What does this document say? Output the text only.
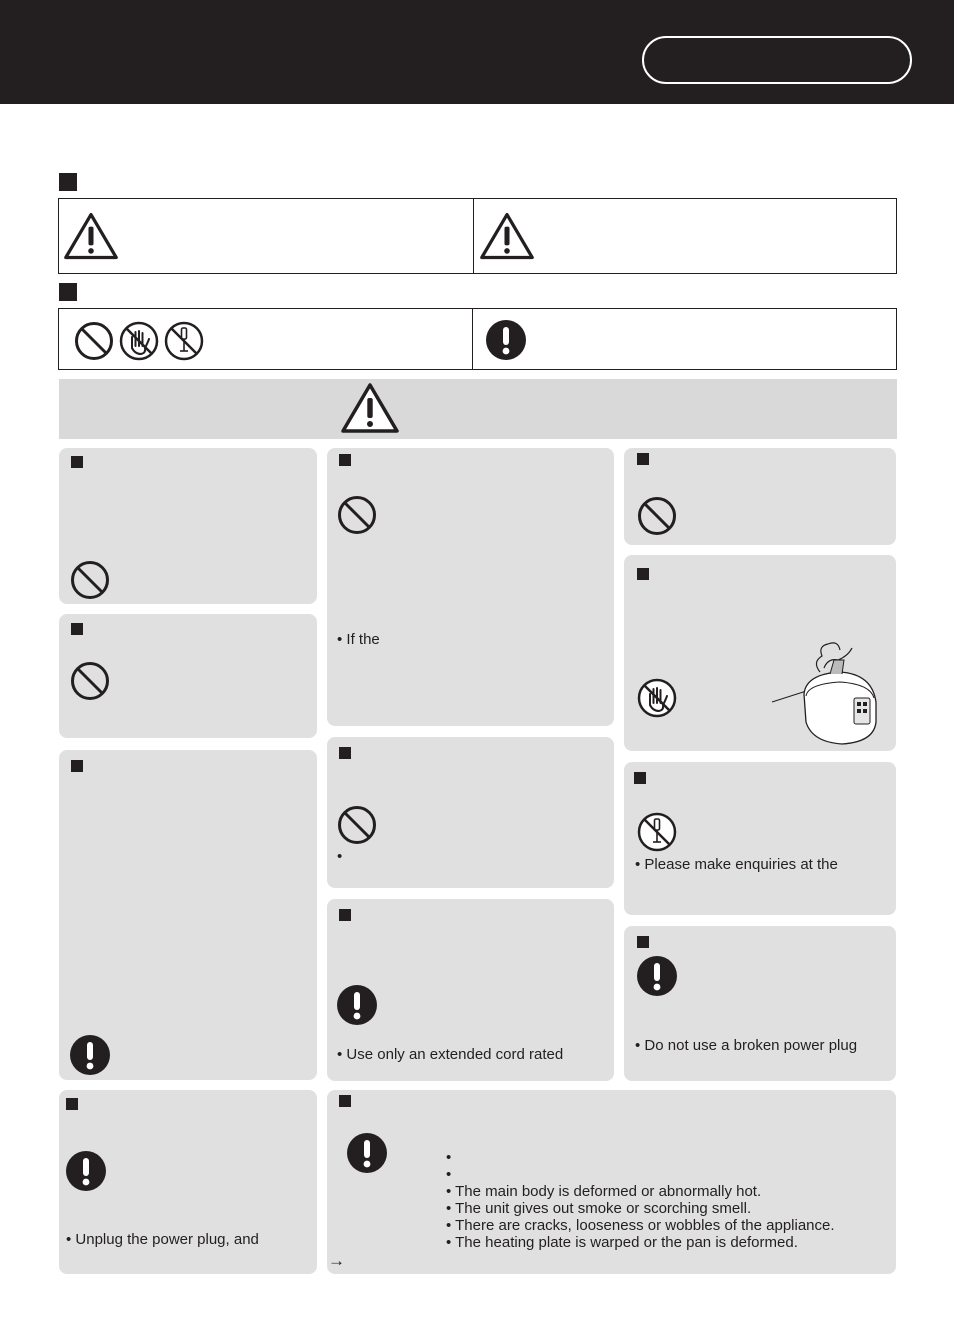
• Unplug the power plug, and
• If the
•
• Use only an extended cord rated
• Please make enquiries at the
• Do not use a broken power plug
•
•
• The main body is deformed or abnormally hot.
• The unit gives out smoke or scorching smell.
• There are cracks, looseness or wobbles of the appliance.
• The heating plate is warped or the pan is deformed.
→
